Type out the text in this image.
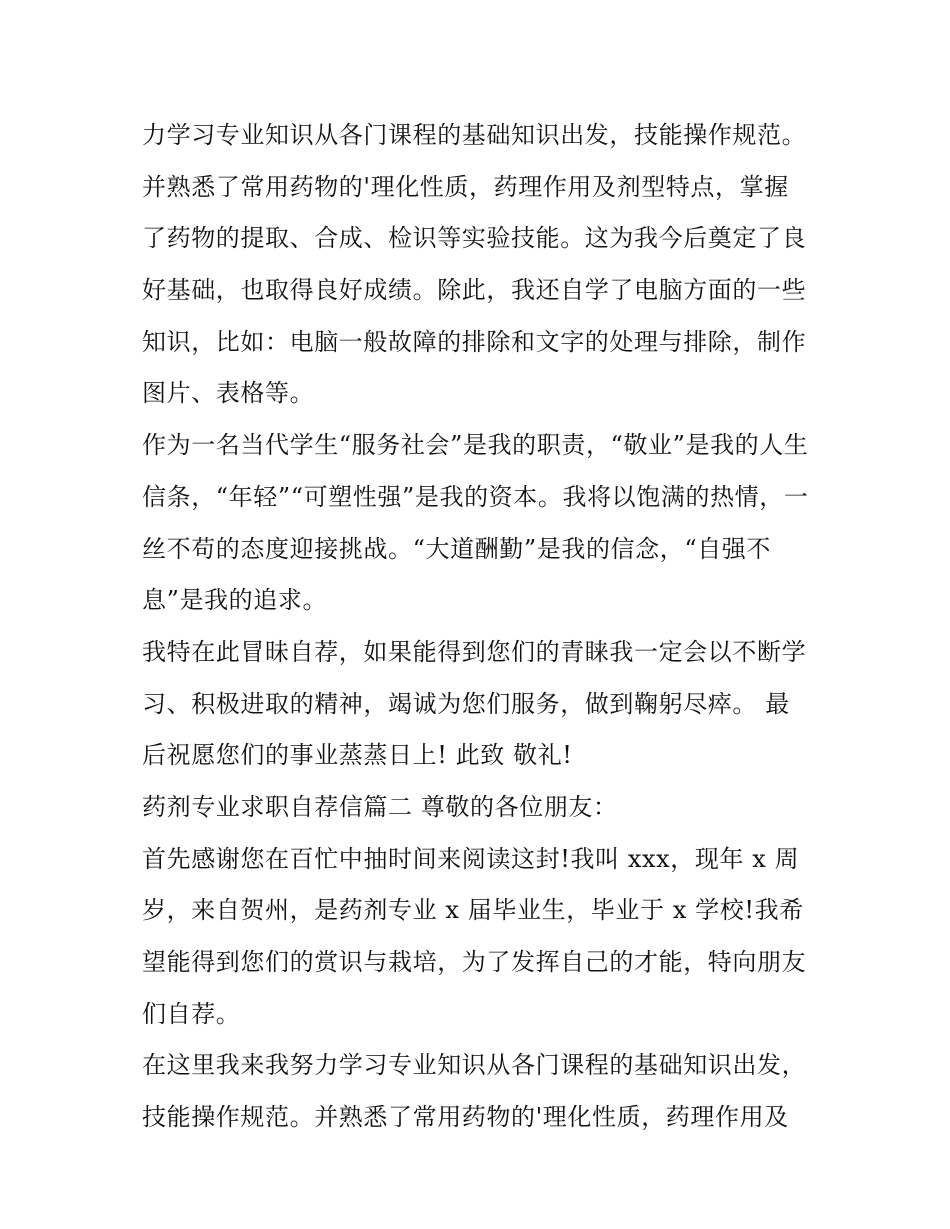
力学习专业知识从各门课程的基础知识出发，技能操作规范。
并熟悉了常用药物的'理化性质，药理作用及剂型特点，掌握
了药物的提取、合成、检识等实验技能。这为我今后奠定了良
好基础，也取得良好成绩。除此，我还自学了电脑方面的一些
知识，比如：电脑一般故障的排除和文字的处理与排除，制作
图片、表格等。
作为一名当代学生“服务社会”是我的职责，“敬业”是我的人生
信条，“年轻”“可塑性强”是我的资本。我将以饱满的热情，一
丝不苟的态度迎接挑战。“大道酬勤”是我的信念，“自强不
息”是我的追求。
我特在此冒昧自荐，如果能得到您们的青睐我一定会以不断学
习、积极进取的精神，竭诚为您们服务，做到鞠躬尽瘁。 最
后祝愿您们的事业蒸蒸日上! 此致 敬礼!
药剂专业求职自荐信篇二 尊敬的各位朋友：
首先感谢您在百忙中抽时间来阅读这封!我叫 xxx，现年 x 周
岁，来自贺州，是药剂专业 x 届毕业生，毕业于 x 学校!我希
望能得到您们的赏识与栽培，为了发挥自己的才能，特向朋友
们自荐。
在这里我来我努力学习专业知识从各门课程的基础知识出发，
技能操作规范。并熟悉了常用药物的'理化性质，药理作用及
